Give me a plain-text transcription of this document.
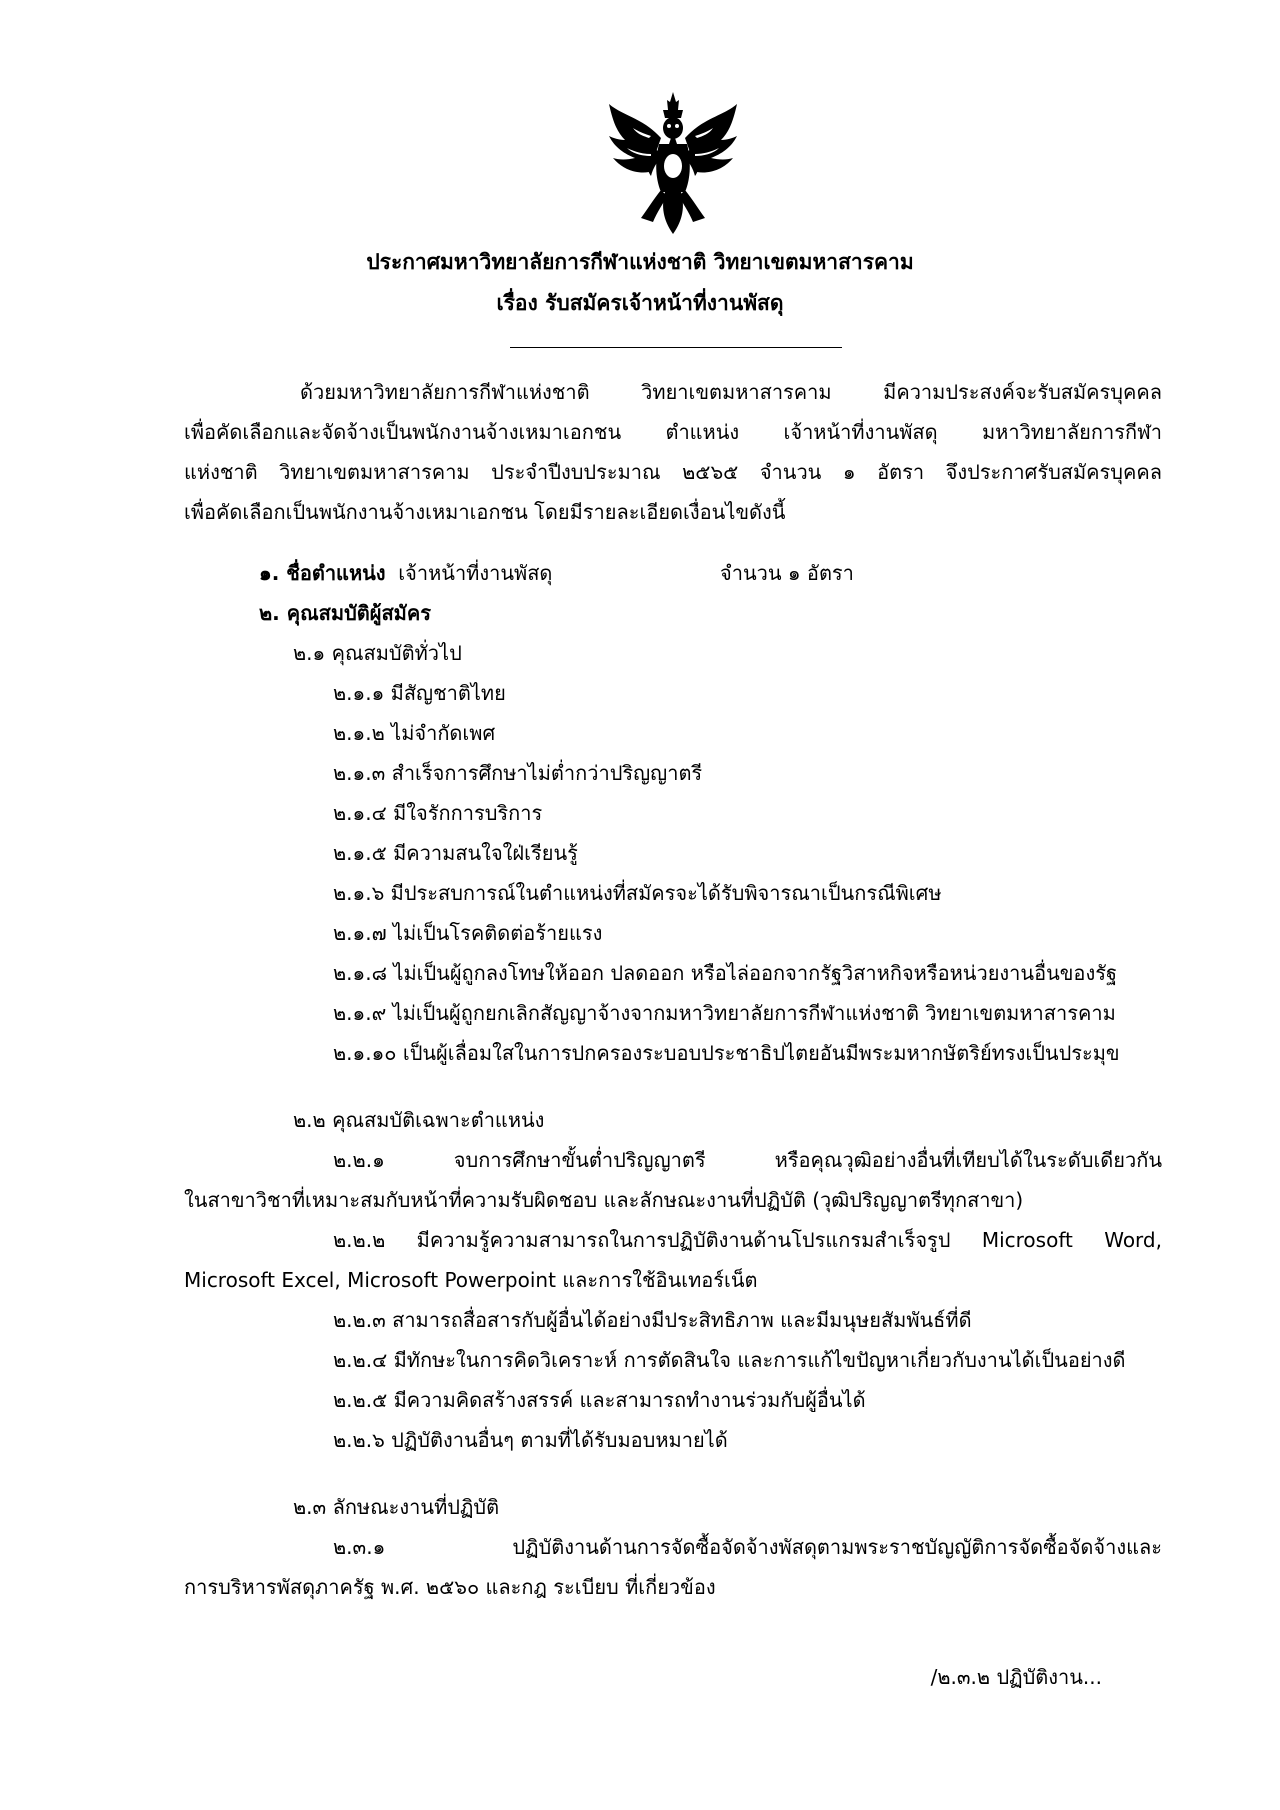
ประกาศมหาวิทยาลัยการกีฬาแห่งชาติ วิทยาเขตมหาสารคาม
เรื่อง รับสมัครเจ้าหน้าที่งานพัสดุ
ด้วยมหาวิทยาลัยการกีฬาแห่งชาติ วิทยาเขตมหาสารคาม มีความประสงค์จะรับสมัครบุคคล
เพื่อคัดเลือกและจัดจ้างเป็นพนักงานจ้างเหมาเอกชน ตำแหน่ง เจ้าหน้าที่งานพัสดุ มหาวิทยาลัยการกีฬา
แห่งชาติ วิทยาเขตมหาสารคาม ประจำปีงบประมาณ ๒๕๖๕ จำนวน ๑ อัตรา จึงประกาศรับสมัครบุคคล
เพื่อคัดเลือกเป็นพนักงานจ้างเหมาเอกชน โดยมีรายละเอียดเงื่อนไขดังนี้
๑. ชื่อตำแหน่ง เจ้าหน้าที่งานพัสดุ	จำนวน ๑ อัตรา
๒. คุณสมบัติผู้สมัคร
๒.๑ คุณสมบัติทั่วไป
๒.๑.๑ มีสัญชาติไทย
๒.๑.๒ ไม่จำกัดเพศ
๒.๑.๓ สำเร็จการศึกษาไม่ต่ำกว่าปริญญาตรี
๒.๑.๔ มีใจรักการบริการ
๒.๑.๕ มีความสนใจใฝ่เรียนรู้
๒.๑.๖ มีประสบการณ์ในตำแหน่งที่สมัครจะได้รับพิจารณาเป็นกรณีพิเศษ
๒.๑.๗ ไม่เป็นโรคติดต่อร้ายแรง
๒.๑.๘ ไม่เป็นผู้ถูกลงโทษให้ออก ปลดออก หรือไล่ออกจากรัฐวิสาหกิจหรือหน่วยงานอื่นของรัฐ
๒.๑.๙ ไม่เป็นผู้ถูกยกเลิกสัญญาจ้างจากมหาวิทยาลัยการกีฬาแห่งชาติ วิทยาเขตมหาสารคาม
๒.๑.๑๐ เป็นผู้เลื่อมใสในการปกครองระบอบประชาธิปไตยอันมีพระมหากษัตริย์ทรงเป็นประมุข
๒.๒ คุณสมบัติเฉพาะตำแหน่ง
๒.๒.๑ จบการศึกษาขั้นต่ำปริญญาตรี หรือคุณวุฒิอย่างอื่นที่เทียบได้ในระดับเดียวกัน
ในสาขาวิชาที่เหมาะสมกับหน้าที่ความรับผิดชอบ และลักษณะงานที่ปฏิบัติ (วุฒิปริญญาตรีทุกสาขา)
๒.๒.๒ มีความรู้ความสามารถในการปฏิบัติงานด้านโปรแกรมสำเร็จรูป Microsoft Word,
Microsoft Excel, Microsoft Powerpoint และการใช้อินเทอร์เน็ต
๒.๒.๓ สามารถสื่อสารกับผู้อื่นได้อย่างมีประสิทธิภาพ และมีมนุษยสัมพันธ์ที่ดี
๒.๒.๔ มีทักษะในการคิดวิเคราะห์ การตัดสินใจ และการแก้ไขปัญหาเกี่ยวกับงานได้เป็นอย่างดี
๒.๒.๕ มีความคิดสร้างสรรค์ และสามารถทำงานร่วมกับผู้อื่นได้
๒.๒.๖ ปฏิบัติงานอื่นๆ ตามที่ได้รับมอบหมายได้
๒.๓ ลักษณะงานที่ปฏิบัติ
๒.๓.๑ ปฏิบัติงานด้านการจัดซื้อจัดจ้างพัสดุตามพระราชบัญญัติการจัดซื้อจัดจ้างและ
การบริหารพัสดุภาครัฐ พ.ศ. ๒๕๖๐ และกฎ ระเบียบ ที่เกี่ยวข้อง
/๒.๓.๒ ปฏิบัติงาน...
